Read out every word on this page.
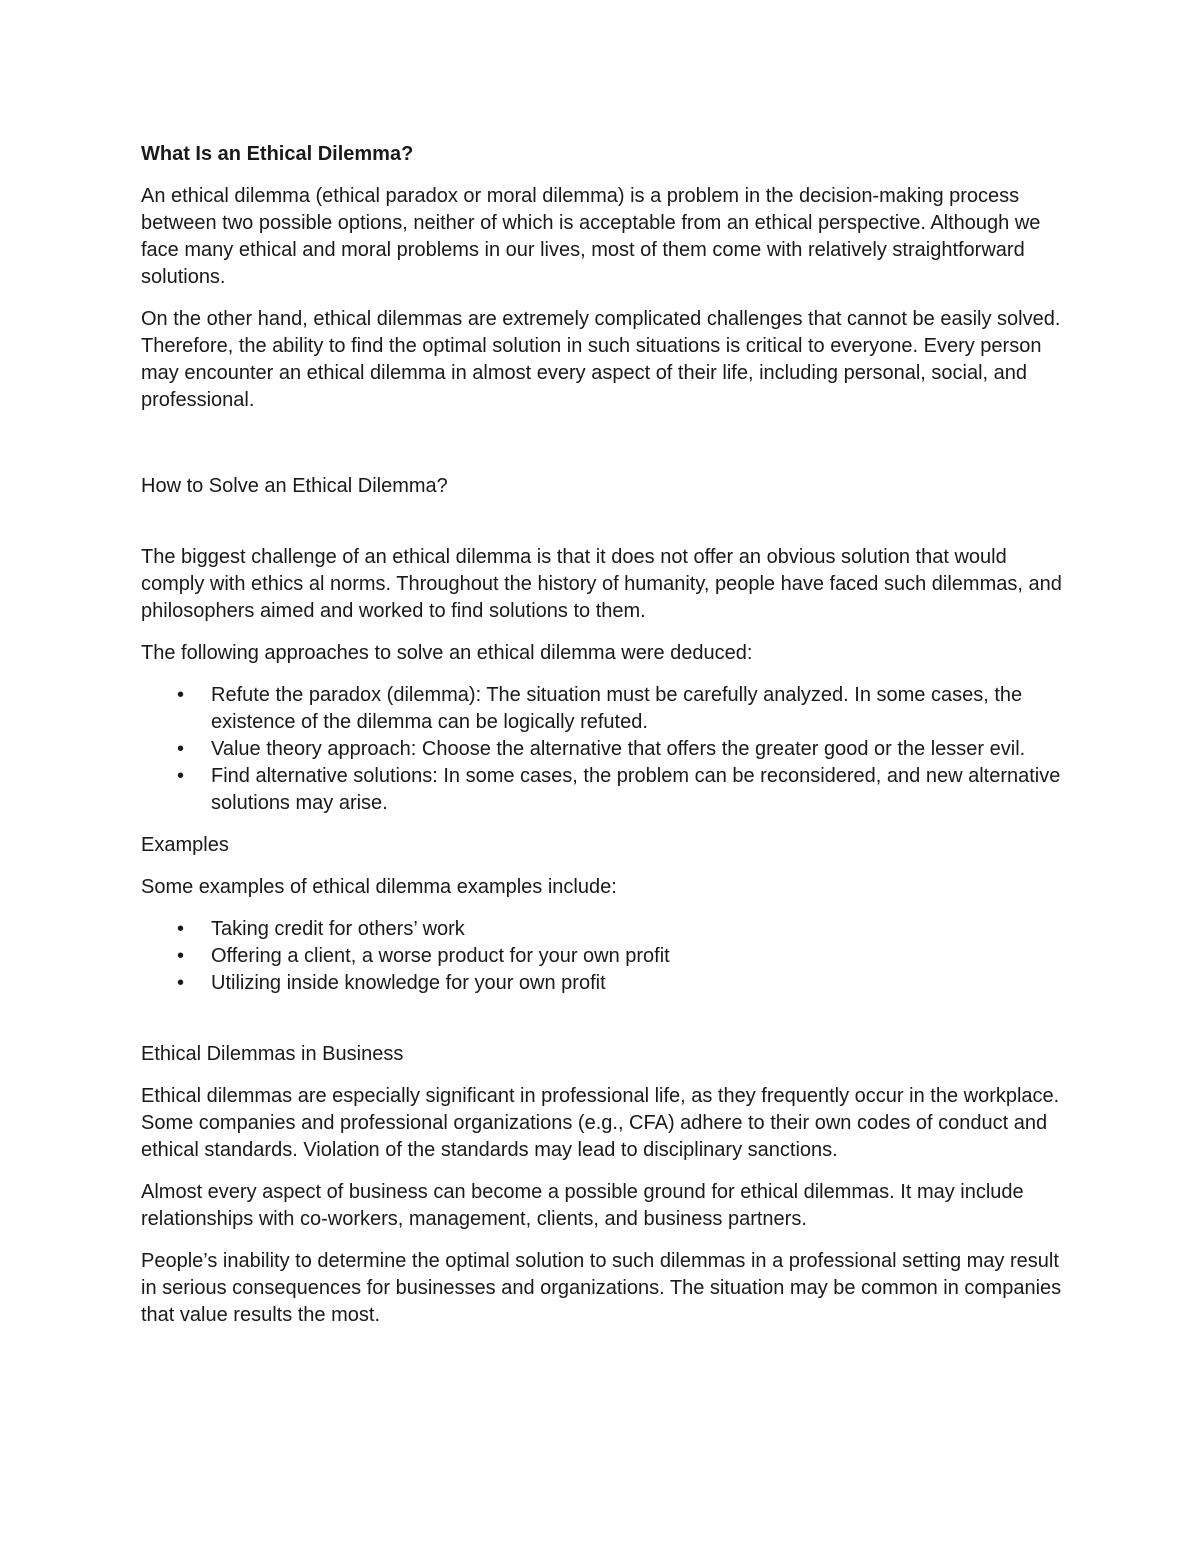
What Is an Ethical Dilemma?

An ethical dilemma (ethical paradox or moral dilemma) is a problem in the decision-making process between two possible options, neither of which is acceptable from an ethical perspective. Although we face many ethical and moral problems in our lives, most of them come with relatively straightforward solutions.

On the other hand, ethical dilemmas are extremely complicated challenges that cannot be easily solved. Therefore, the ability to find the optimal solution in such situations is critical to everyone. Every person may encounter an ethical dilemma in almost every aspect of their life, including personal, social, and professional.

How to Solve an Ethical Dilemma?

The biggest challenge of an ethical dilemma is that it does not offer an obvious solution that would comply with ethics al norms. Throughout the history of humanity, people have faced such dilemmas, and philosophers aimed and worked to find solutions to them.

The following approaches to solve an ethical dilemma were deduced:

• Refute the paradox (dilemma): The situation must be carefully analyzed. In some cases, the existence of the dilemma can be logically refuted.
• Value theory approach: Choose the alternative that offers the greater good or the lesser evil.
• Find alternative solutions: In some cases, the problem can be reconsidered, and new alternative solutions may arise.

Examples

Some examples of ethical dilemma examples include:

• Taking credit for others’ work
• Offering a client, a worse product for your own profit
• Utilizing inside knowledge for your own profit

Ethical Dilemmas in Business

Ethical dilemmas are especially significant in professional life, as they frequently occur in the workplace. Some companies and professional organizations (e.g., CFA) adhere to their own codes of conduct and ethical standards. Violation of the standards may lead to disciplinary sanctions.

Almost every aspect of business can become a possible ground for ethical dilemmas. It may include relationships with co-workers, management, clients, and business partners.

People’s inability to determine the optimal solution to such dilemmas in a professional setting may result in serious consequences for businesses and organizations. The situation may be common in companies that value results the most.
